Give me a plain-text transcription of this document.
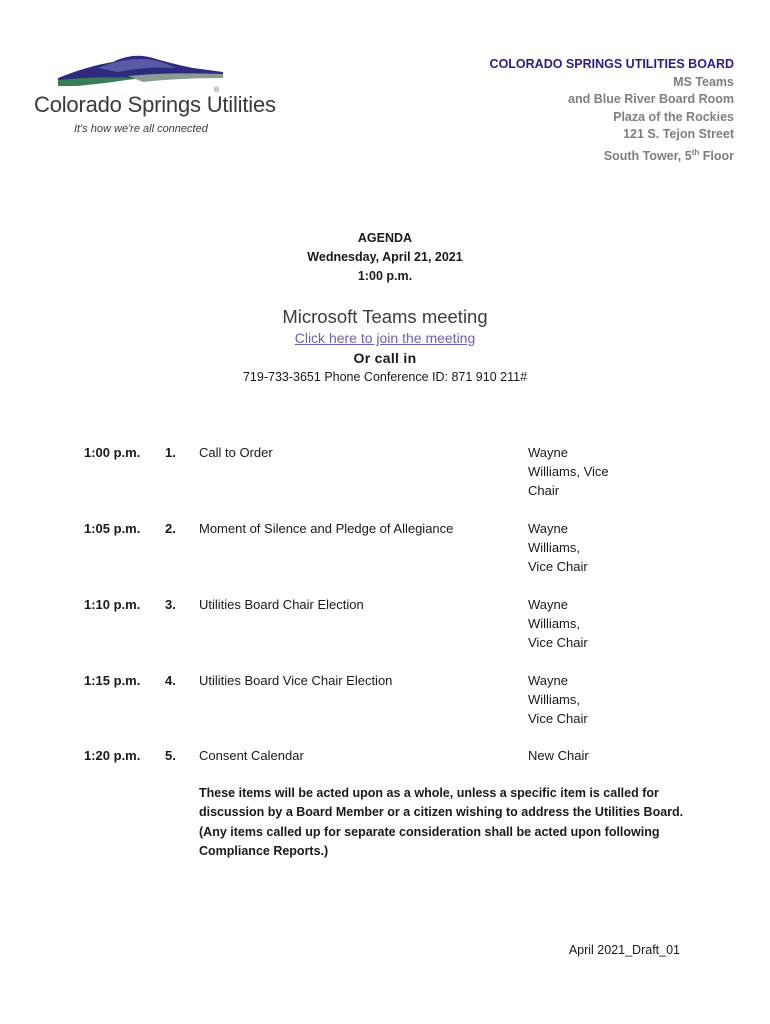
®
Colorado Springs Utilities
It's how we're all connected
COLORADO SPRINGS UTILITIES BOARD
MS Teams
and Blue River Board Room
Plaza of the Rockies
121 S. Tejon Street
South Tower, 5th Floor
AGENDA
Wednesday, April 21, 2021
1:00 p.m.
Microsoft Teams meeting
Click here to join the meeting
Or call in
719-733-3651 Phone Conference ID: 871 910 211#
1:00 p.m. 1. Call to Order	Wayne
Williams, Vice
Chair
1:05 p.m. 2. Moment of Silence and Pledge of Allegiance	Wayne
Williams,
Vice Chair
1:10 p.m. 3. Utilities Board Chair Election	Wayne
Williams,
Vice Chair
1:15 p.m. 4. Utilities Board Vice Chair Election	Wayne
Williams,
Vice Chair
1:20 p.m. 5. Consent Calendar	New Chair
These items will be acted upon as a whole, unless a specific item is called for
discussion by a Board Member or a citizen wishing to address the Utilities Board.
(Any items called up for separate consideration shall be acted upon following
Compliance Reports.)
April 2021_Draft_01
